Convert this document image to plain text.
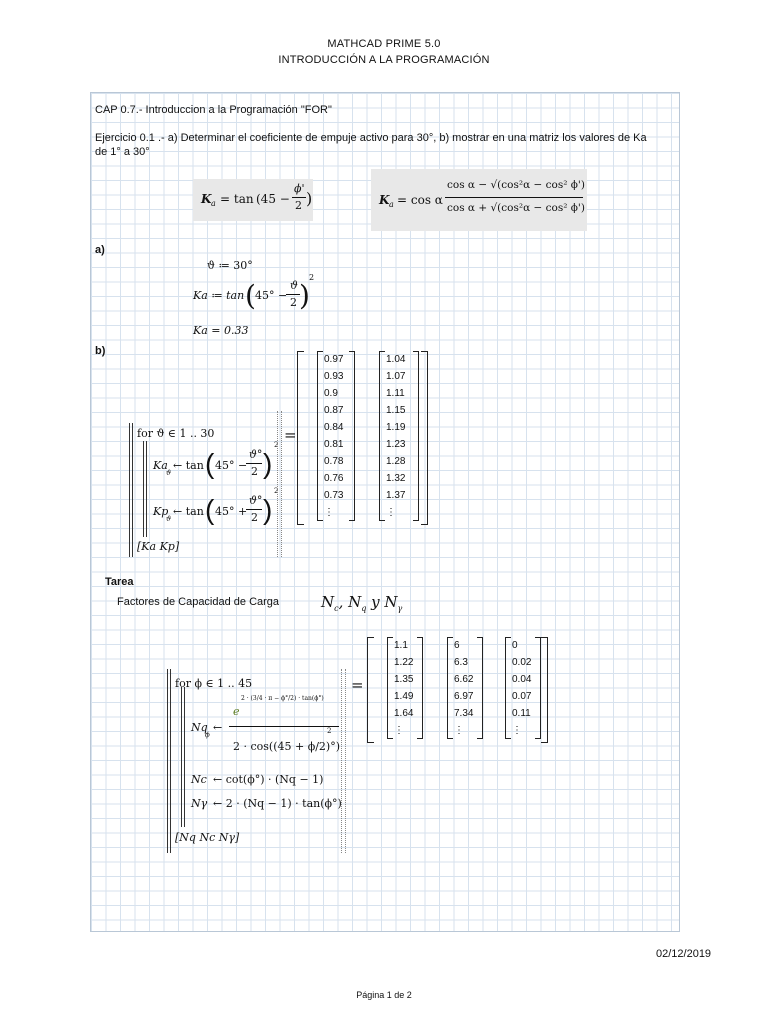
MATHCAD PRIME 5.0
INTRODUCCIÓN A LA PROGRAMACIÓN
CAP 0.7.- Introduccion a la Programación "FOR"
Ejercicio 0.1 .- a) Determinar el coeficiente de empuje activo para 30°, b) mostrar en una matriz los valores de Ka
de 1° a 30°
K a = tan (45 −
ϕ'
2 )	K a = cos α
cos α − √(cos²α − cos² ϕ')
cos α + √(cos²α − cos² ϕ')
a)
ϑ ≔ 30°
Ka ≔ tan ( 45° −
ϑ
2 )
2
Ka = 0.33
b)
for ϑ ∈ 1 .. 30
Ka
ϑ
← tan ( 45° −
ϑ°
2 )
2
Kp
ϑ
← tan ( 45° +
ϑ°
2 )
2
[Ka Kp]
=
0.97
0.93
0.9
0.87
0.84
0.81
0.78
0.76
0.73
⋮
1.04
1.07
1.11
1.15
1.19
1.23
1.28
1.32
1.37
⋮
Tarea
Factores de Capacidad de Carga	$N_c$, $N_q$ y $N_\gamma$
for ϕ ∈ 1 .. 45
Nq
ϕ
←
e
2 · (3/4 · π − ϕ°/2) · tan(ϕ°)
2 · cos((45 + ϕ/2)°)
2
Nc ← cot(ϕ°) · (Nq − 1)
Nγ ← 2 · (Nq − 1) · tan(ϕ°)
[Nq Nc Nγ]
=
1.1
1.22
1.35
1.49
1.64
⋮
6
6.3
6.62
6.97
7.34
⋮
0
0.02
0.04
0.07
0.11
⋮
02/12/2019
Página 1 de 2
